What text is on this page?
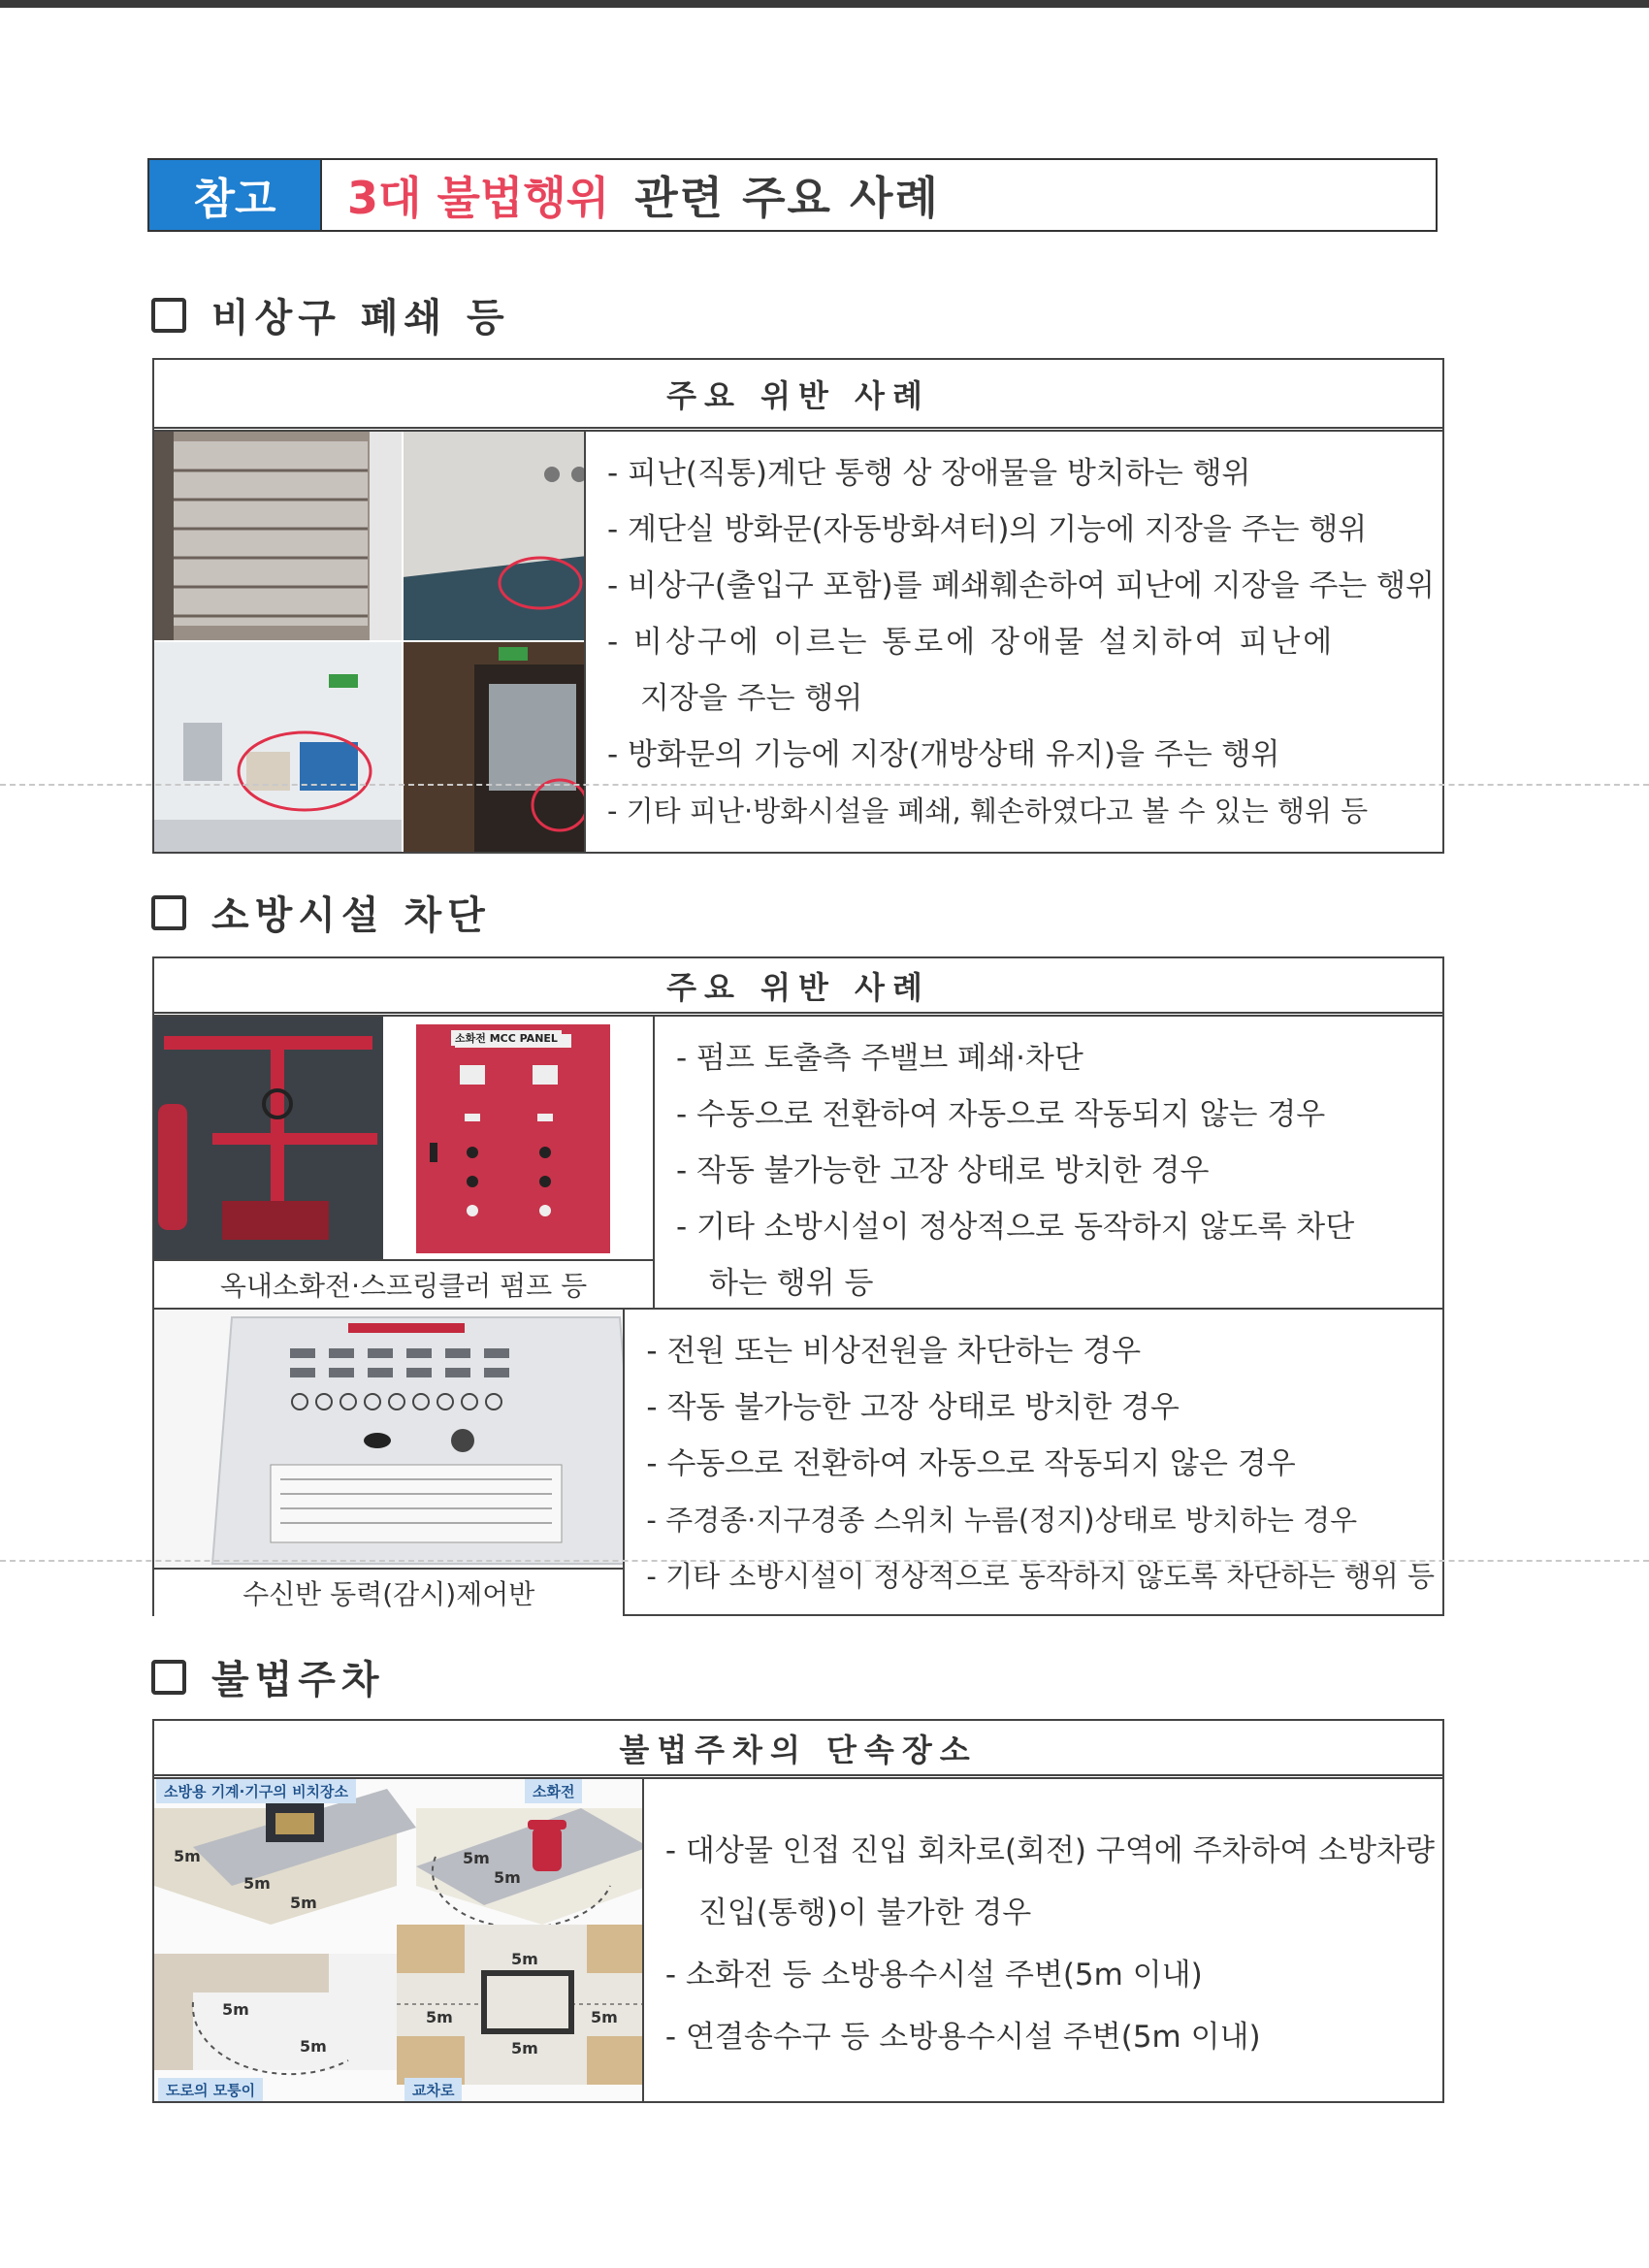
참고	3대 불법행위 관련 주요 사례
비상구 폐쇄 등
주요 위반 사례
- 피난(직통)계단 통행 상 장애물을 방치하는 행위
- 계단실 방화문(자동방화셔터)의 기능에 지장을 주는 행위
- 비상구(출입구 포함)를 폐쇄훼손하여 피난에 지장을 주는 행위
- 비상구에 이르는 통로에 장애물 설치하여 피난에
지장을 주는 행위
- 방화문의 기능에 지장(개방상태 유지)을 주는 행위
- 기타 피난·방화시설을 폐쇄, 훼손하였다고 볼 수 있는 행위 등
소방시설 차단
주요 위반 사례
소화전 MCC PANEL
옥내소화전·스프링클러 펌프 등
- 펌프 토출측 주밸브 폐쇄·차단
- 수동으로 전환하여 자동으로 작동되지 않는 경우
- 작동 불가능한 고장 상태로 방치한 경우
- 기타 소방시설이 정상적으로 동작하지 않도록 차단
하는 행위 등
수신반 동력(감시)제어반
- 전원 또는 비상전원을 차단하는 경우
- 작동 불가능한 고장 상태로 방치한 경우
- 수동으로 전환하여 자동으로 작동되지 않은 경우
- 주경종·지구경종 스위치 누름(정지)상태로 방치하는 경우
- 기타 소방시설이 정상적으로 동작하지 않도록 차단하는 행위 등
불법주차
불법주차의 단속장소
소방용 기계·기구의 비치장소	소화전
도로의 모퉁이	교차로
5m
5m
5m
5m
5m
5m
5m
5m
5m	5m
5m
- 대상물 인접 진입 회차로(회전) 구역에 주차하여 소방차량
진입(통행)이 불가한 경우
- 소화전 등 소방용수시설 주변(5m 이내)
- 연결송수구 등 소방용수시설 주변(5m 이내)
